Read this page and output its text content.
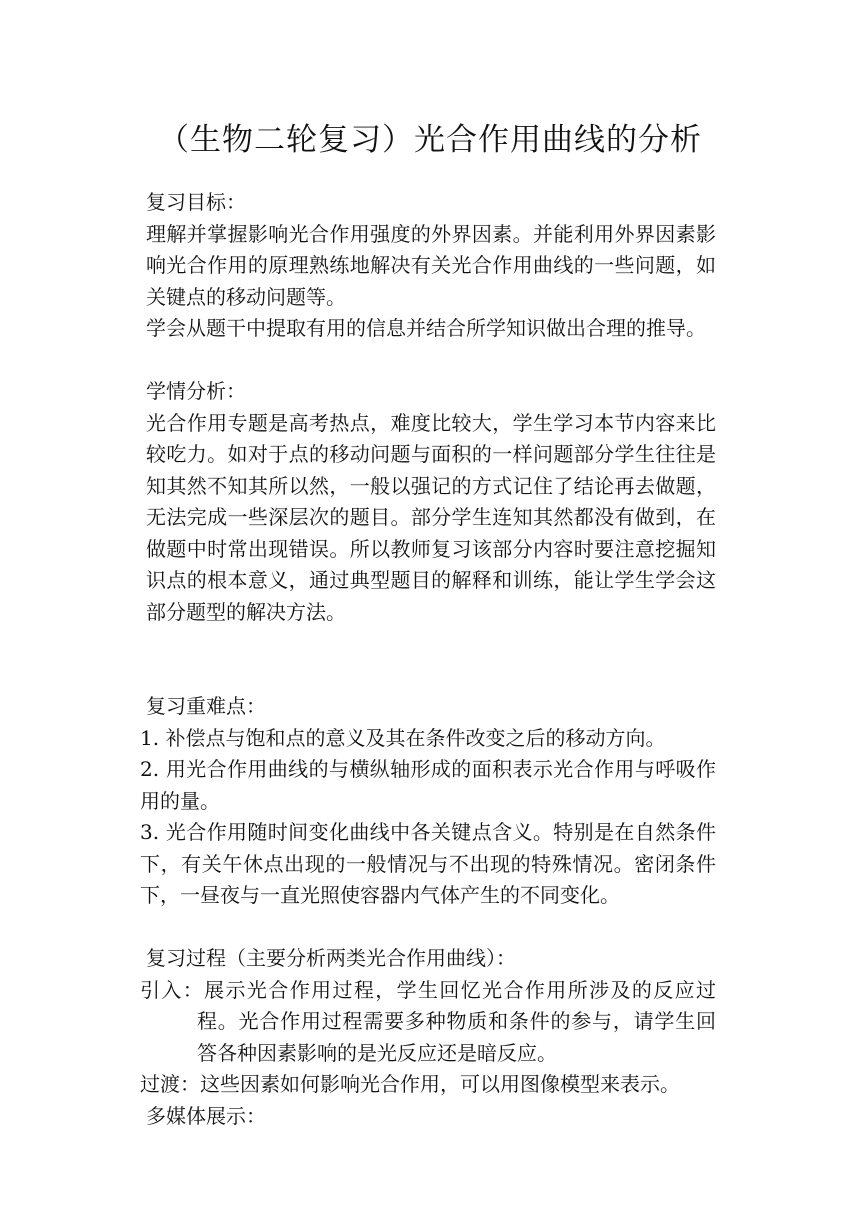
（生物二轮复习）光合作用曲线的分析

复习目标：

理解并掌握影响光合作用强度的外界因素。并能利用外界因素影响光合作用的原理熟练地解决有关光合作用曲线的一些问题，如关键点的移动问题等。

学会从题干中提取有用的信息并结合所学知识做出合理的推导。

学情分析：

光合作用专题是高考热点，难度比较大，学生学习本节内容来比较吃力。如对于点的移动问题与面积的一样问题部分学生往往是知其然不知其所以然，一般以强记的方式记住了结论再去做题，无法完成一些深层次的题目。部分学生连知其然都没有做到，在做题中时常出现错误。所以教师复习该部分内容时要注意挖掘知识点的根本意义，通过典型题目的解释和训练，能让学生学会这部分题型的解决方法。

复习重难点：

1. 补偿点与饱和点的意义及其在条件改变之后的移动方向。

2. 用光合作用曲线的与横纵轴形成的面积表示光合作用与呼吸作用的量。

3. 光合作用随时间变化曲线中各关键点含义。特别是在自然条件下，有关午休点出现的一般情况与不出现的特殊情况。密闭条件下，一昼夜与一直光照使容器内气体产生的不同变化。

复习过程（主要分析两类光合作用曲线）：

引入：展示光合作用过程，学生回忆光合作用所涉及的反应过程。光合作用过程需要多种物质和条件的参与，请学生回答各种因素影响的是光反应还是暗反应。

过渡：这些因素如何影响光合作用，可以用图像模型来表示。

多媒体展示：
